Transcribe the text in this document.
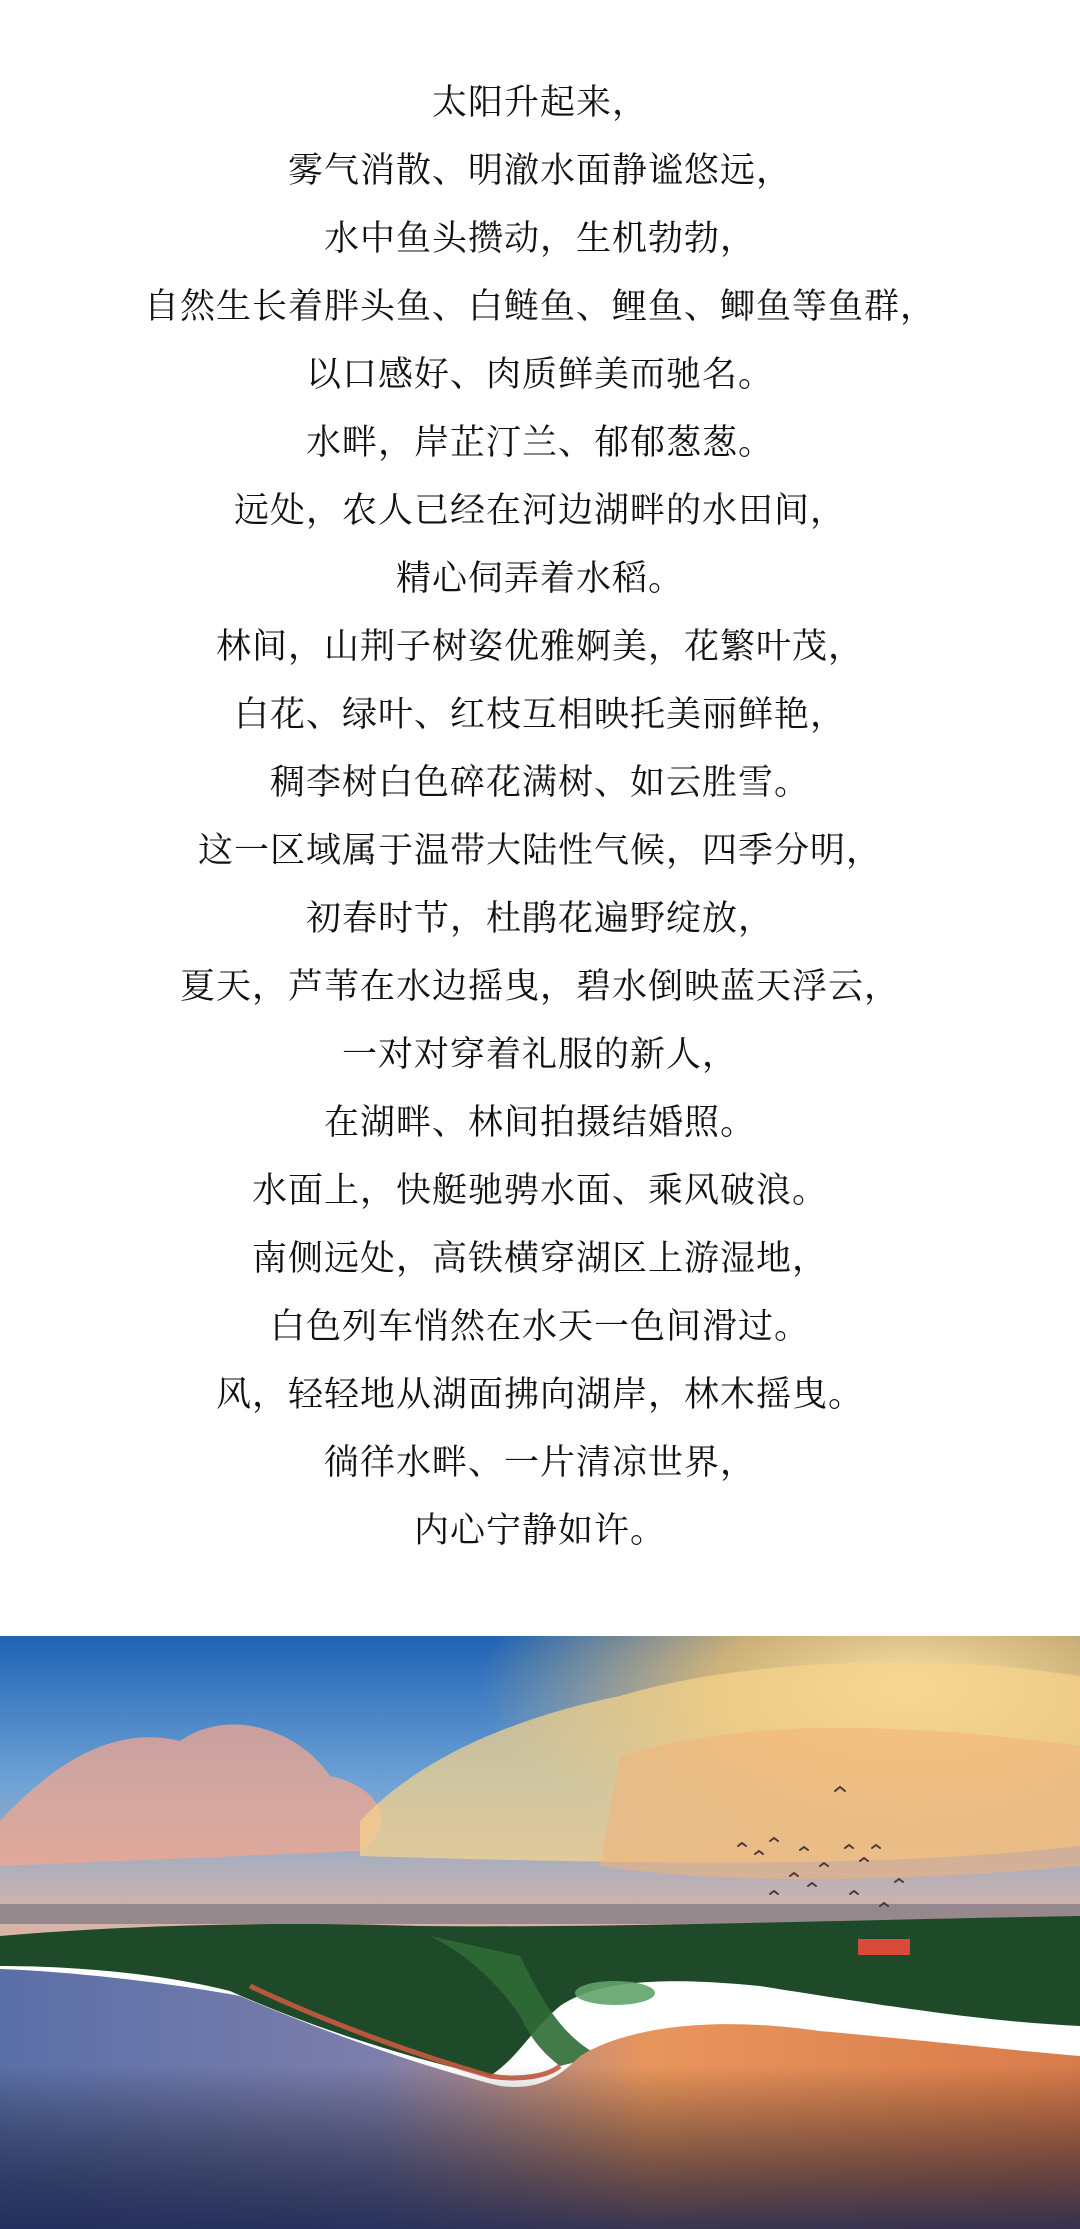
太阳升起来，
雾气消散、明澈水面静谧悠远，
水中鱼头攒动，生机勃勃，
自然生长着胖头鱼、白鲢鱼、鲤鱼、鲫鱼等鱼群，
以口感好、肉质鲜美而驰名。
水畔，岸芷汀兰、郁郁葱葱。
远处，农人已经在河边湖畔的水田间，
精心伺弄着水稻。
林间，山荆子树姿优雅婀美，花繁叶茂，
白花、绿叶、红枝互相映托美丽鲜艳，
稠李树白色碎花满树、如云胜雪。
这一区域属于温带大陆性气候，四季分明，
初春时节，杜鹃花遍野绽放，
夏天，芦苇在水边摇曳，碧水倒映蓝天浮云，
一对对穿着礼服的新人，
在湖畔、林间拍摄结婚照。
水面上，快艇驰骋水面、乘风破浪。
南侧远处，高铁横穿湖区上游湿地，
白色列车悄然在水天一色间滑过。
风，轻轻地从湖面拂向湖岸，林木摇曳。
徜徉水畔、一片清凉世界，
内心宁静如许。
